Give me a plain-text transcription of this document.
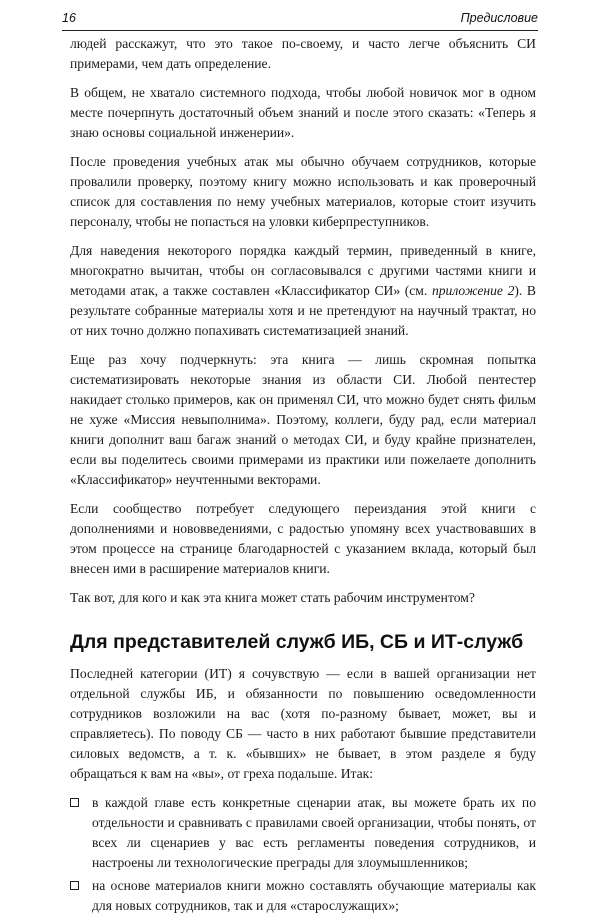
16	Предисловие

людей расскажут, что это такое по-своему, и часто легче объяснить СИ примерами, чем дать определение.

В общем, не хватало системного подхода, чтобы любой новичок мог в одном месте почерпнуть достаточный объем знаний и после этого сказать: «Теперь я знаю основы социальной инженерии».

После проведения учебных атак мы обычно обучаем сотрудников, которые провалили проверку, поэтому книгу можно использовать и как проверочный список для составления по нему учебных материалов, которые стоит изучить персоналу, чтобы не попасться на уловки киберпреступников.

Для наведения некоторого порядка каждый термин, приведенный в книге, многократно вычитан, чтобы он согласовывался с другими частями книги и методами атак, а также составлен «Классификатор СИ» (см. приложение 2). В результате собранные материалы хотя и не претендуют на научный трактат, но от них точно должно попахивать систематизацией знаний.

Еще раз хочу подчеркнуть: эта книга — лишь скромная попытка систематизировать некоторые знания из области СИ. Любой пентестер накидает столько примеров, как он применял СИ, что можно будет снять фильм не хуже «Миссия невыполнима». Поэтому, коллеги, буду рад, если материал книги дополнит ваш багаж знаний о методах СИ, и буду крайне признателен, если вы поделитесь своими примерами из практики или пожелаете дополнить «Классификатор» неучтенными векторами.

Если сообщество потребует следующего переиздания этой книги с дополнениями и нововведениями, с радостью упомяну всех участвовавших в этом процессе на странице благодарностей с указанием вклада, который был внесен ими в расширение материалов книги.

Так вот, для кого и как эта книга может стать рабочим инструментом?

Для представителей служб ИБ, СБ и ИТ-служб

Последней категории (ИТ) я сочувствую — если в вашей организации нет отдельной службы ИБ, и обязанности по повышению осведомленности сотрудников возложили на вас (хотя по-разному бывает, может, вы и справляетесь). По поводу СБ — часто в них работают бывшие представители силовых ведомств, а т. к. «бывших» не бывает, в этом разделе я буду обращаться к вам на «вы», от греха подальше. Итак:

в каждой главе есть конкретные сценарии атак, вы можете брать их по отдельности и сравнивать с правилами своей организации, чтобы понять, от всех ли сценариев у вас есть регламенты поведения сотрудников, и настроены ли технологические преграды для злоумышленников;
на основе материалов книги можно составлять обучающие материалы как для новых сотрудников, так и для «старослужащих»;
